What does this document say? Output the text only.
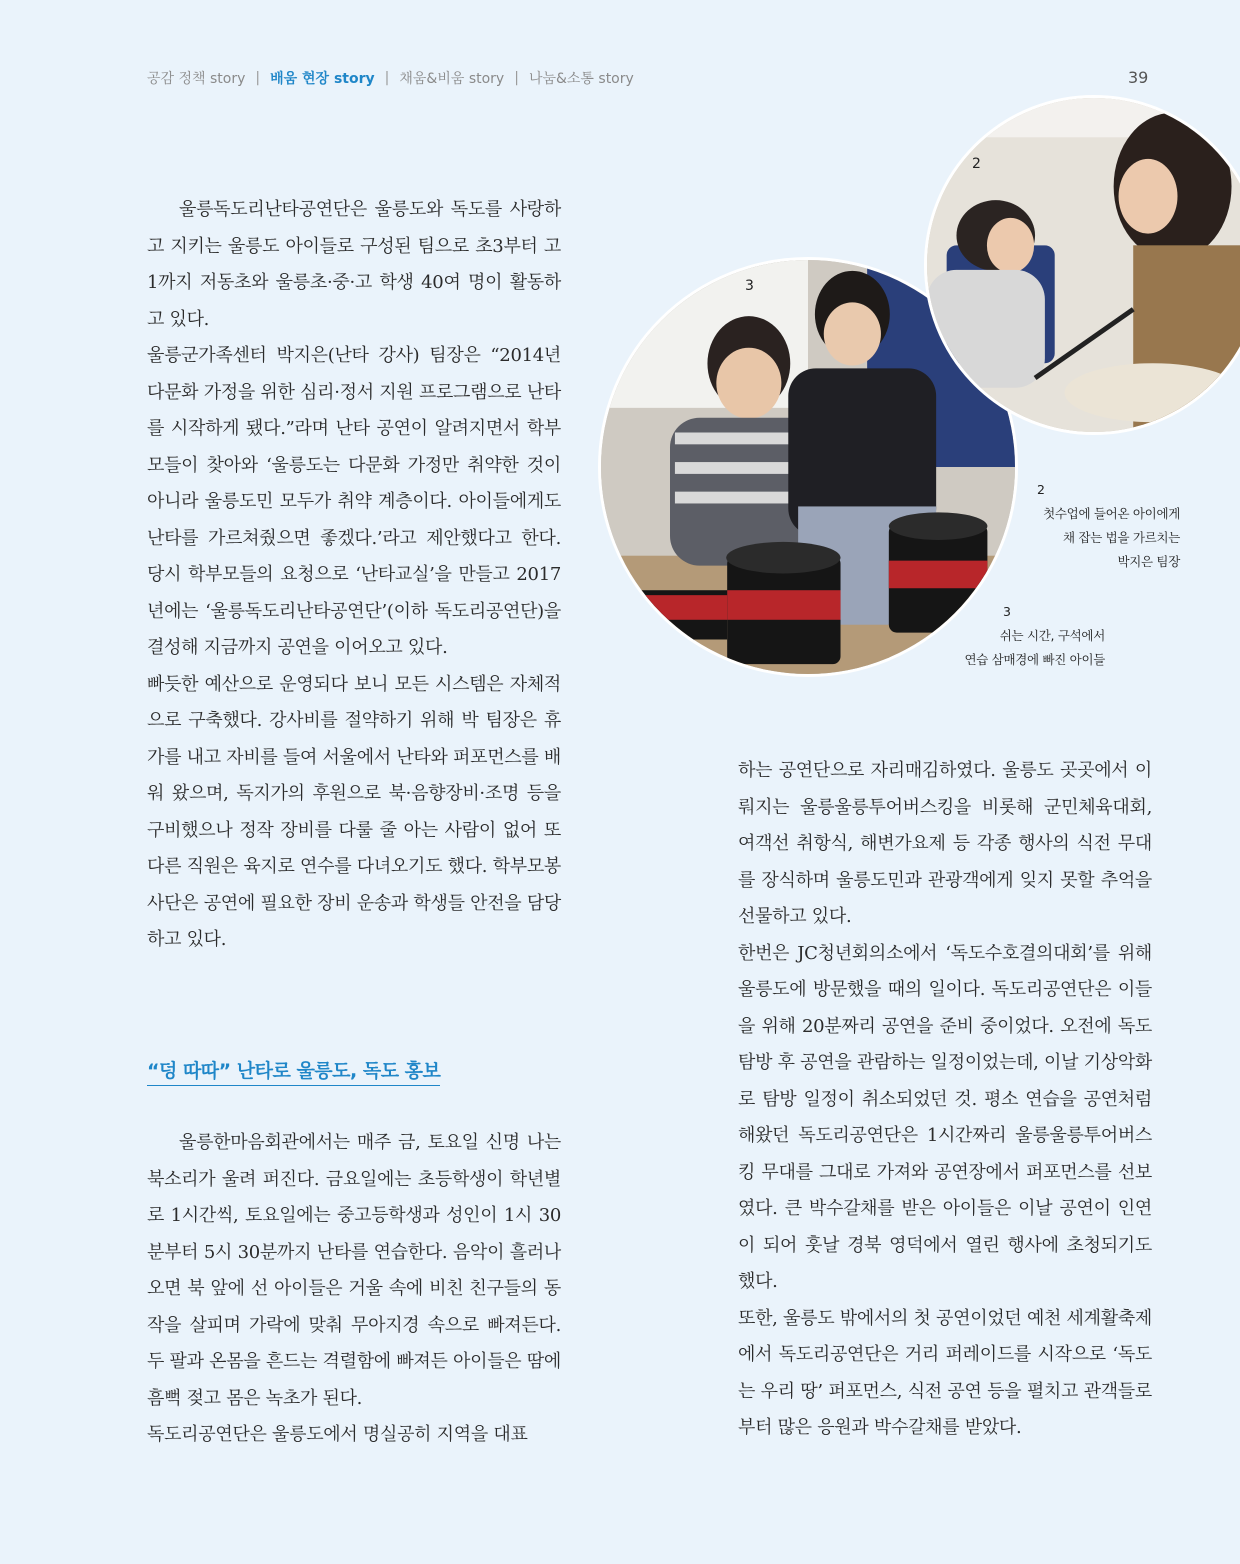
공감 정책 story | 배움 현장 story | 채움&비움 story | 나눔&소통 story	39
3
2
2
첫수업에 들어온 아이에게
채 잡는 법을 가르치는
박지은 팀장
3
쉬는 시간, 구석에서
연습 삼매경에 빠진 아이들

울릉독도리난타공연단은 울릉도와 독도를 사랑하고 지키는 울릉도 아이들로 구성된 팀으로 초3부터 고1까지 저동초와 울릉초·중·고 학생 40여 명이 활동하고 있다.

울릉군가족센터 박지은(난타 강사) 팀장은 “2014년 다문화 가정을 위한 심리·정서 지원 프로그램으로 난타를 시작하게 됐다.”라며 난타 공연이 알려지면서 학부모들이 찾아와 ‘울릉도는 다문화 가정만 취약한 것이 아니라 울릉도민 모두가 취약 계층이다. 아이들에게도 난타를 가르쳐줬으면 좋겠다.’라고 제안했다고 한다. 당시 학부모들의 요청으로 ‘난타교실’을 만들고 2017년에는 ‘울릉독도리난타공연단’(이하 독도리공연단)을 결성해 지금까지 공연을 이어오고 있다.

빠듯한 예산으로 운영되다 보니 모든 시스템은 자체적으로 구축했다. 강사비를 절약하기 위해 박 팀장은 휴가를 내고 자비를 들여 서울에서 난타와 퍼포먼스를 배워 왔으며, 독지가의 후원으로 북·음향장비·조명 등을 구비했으나 정작 장비를 다룰 줄 아는 사람이 없어 또 다른 직원은 육지로 연수를 다녀오기도 했다. 학부모봉사단은 공연에 필요한 장비 운송과 학생들 안전을 담당하고 있다.

“덩 따따” 난타로 울릉도, 독도 홍보

울릉한마음회관에서는 매주 금, 토요일 신명 나는 북소리가 울려 퍼진다. 금요일에는 초등학생이 학년별로 1시간씩, 토요일에는 중고등학생과 성인이 1시 30분부터 5시 30분까지 난타를 연습한다. 음악이 흘러나오면 북 앞에 선 아이들은 거울 속에 비친 친구들의 동작을 살피며 가락에 맞춰 무아지경 속으로 빠져든다. 두 팔과 온몸을 흔드는 격렬함에 빠져든 아이들은 땀에 흠뻑 젖고 몸은 녹초가 된다.

독도리공연단은 울릉도에서 명실공히 지역을 대표

하는 공연단으로 자리매김하였다. 울릉도 곳곳에서 이뤄지는 울릉울릉투어버스킹을 비롯해 군민체육대회, 여객선 취항식, 해변가요제 등 각종 행사의 식전 무대를 장식하며 울릉도민과 관광객에게 잊지 못할 추억을 선물하고 있다.

한번은 JC청년회의소에서 ‘독도수호결의대회’를 위해 울릉도에 방문했을 때의 일이다. 독도리공연단은 이들을 위해 20분짜리 공연을 준비 중이었다. 오전에 독도 탐방 후 공연을 관람하는 일정이었는데, 이날 기상악화로 탐방 일정이 취소되었던 것. 평소 연습을 공연처럼 해왔던 독도리공연단은 1시간짜리 울릉울릉투어버스킹 무대를 그대로 가져와 공연장에서 퍼포먼스를 선보였다. 큰 박수갈채를 받은 아이들은 이날 공연이 인연이 되어 훗날 경북 영덕에서 열린 행사에 초청되기도 했다.

또한, 울릉도 밖에서의 첫 공연이었던 예천 세계활축제에서 독도리공연단은 거리 퍼레이드를 시작으로 ‘독도는 우리 땅’ 퍼포먼스, 식전 공연 등을 펼치고 관객들로부터 많은 응원과 박수갈채를 받았다.
